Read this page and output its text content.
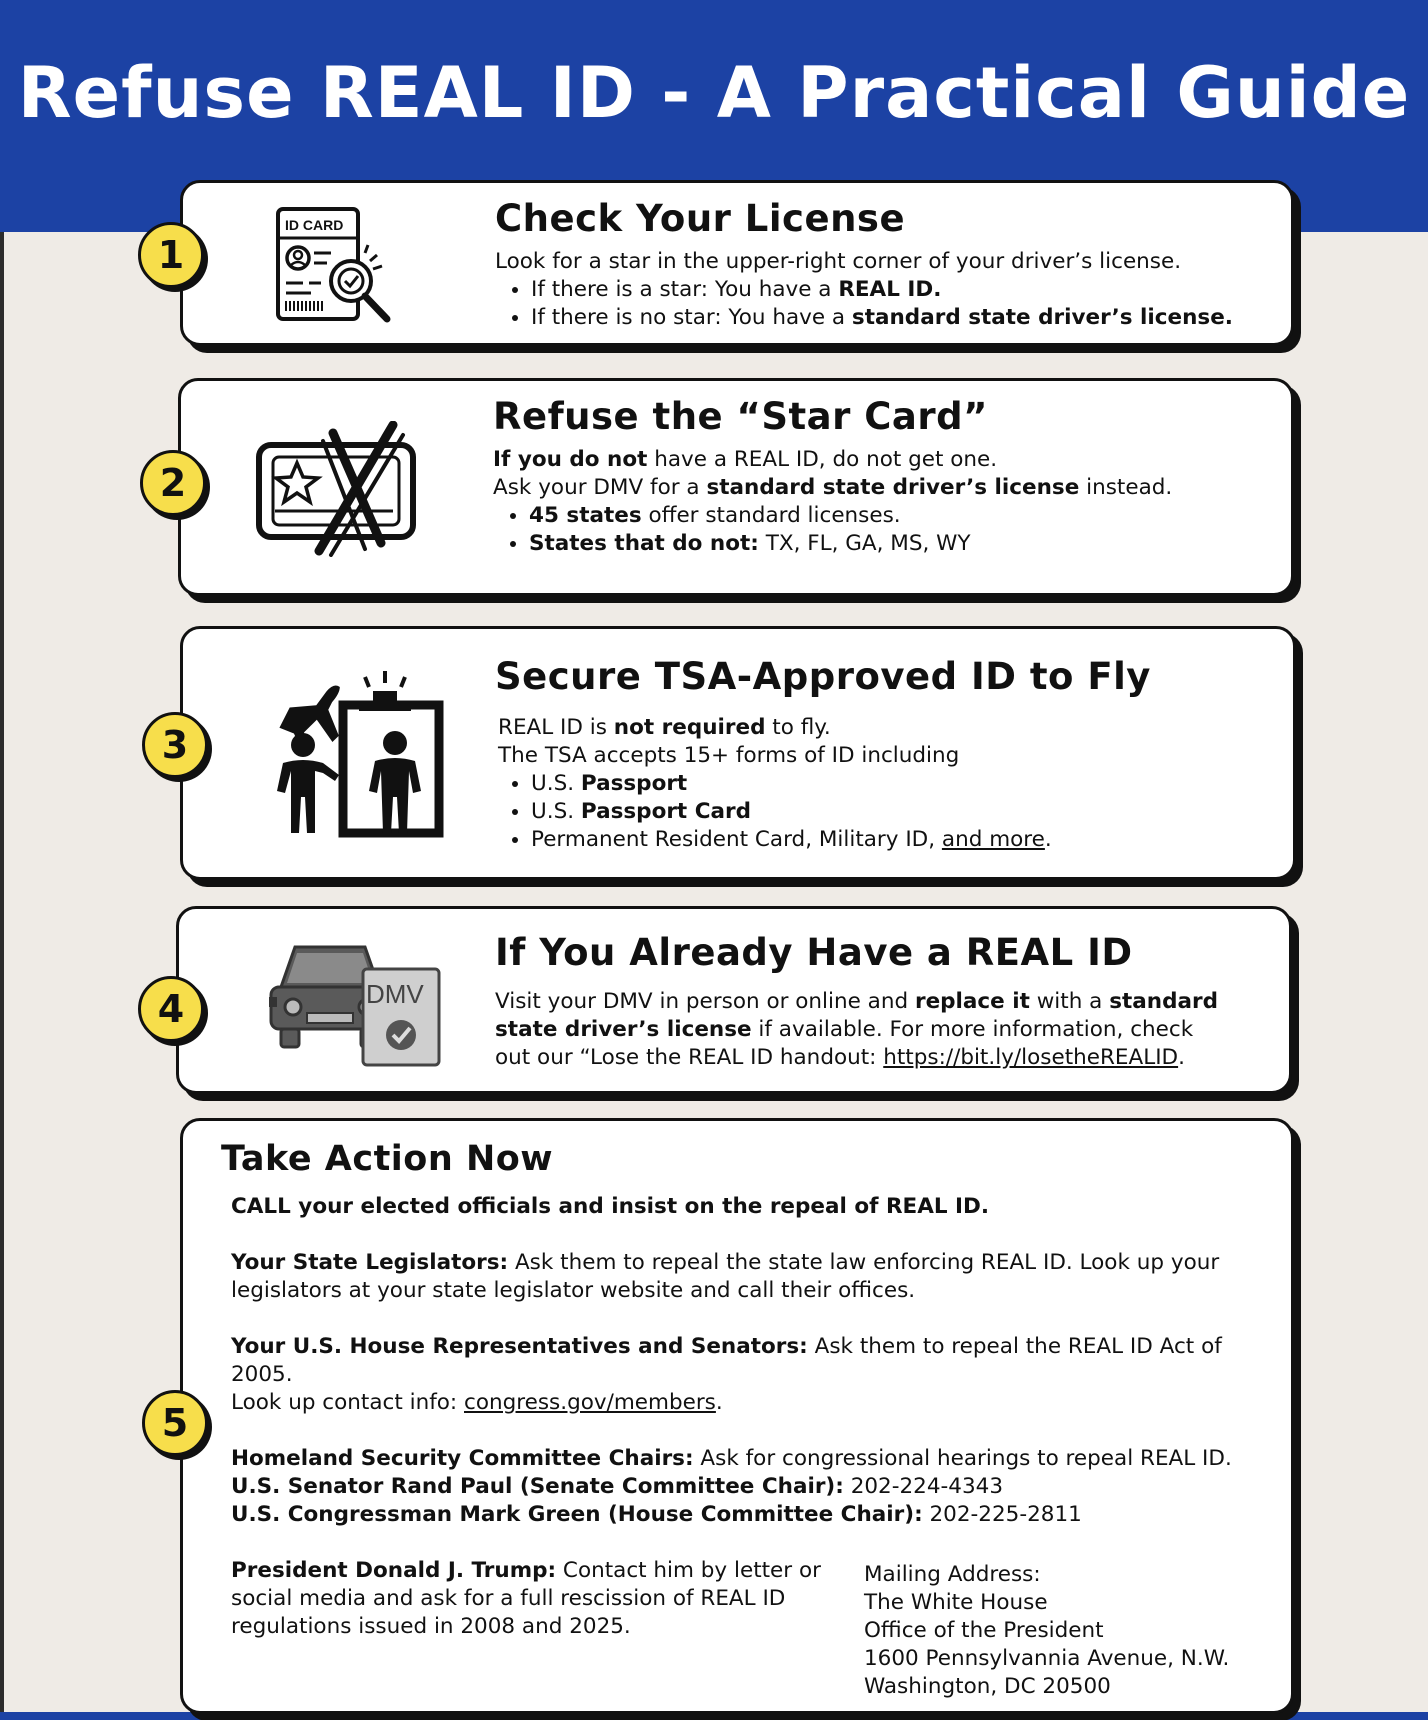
Refuse REAL ID - A Practical Guide
ID CARD	Check Your License
Look for a star in the upper-right corner of your driver’s license.
• If there is a star: You have a REAL ID.
• If there is no star: You have a standard state driver’s license.
1
Refuse the “Star Card”
If you do not have a REAL ID, do not get one.
Ask your DMV for a standard state driver’s license instead.
• 45 states offer standard licenses.
• States that do not: TX, FL, GA, MS, WY
2
Secure TSA-Approved ID to Fly
REAL ID is not required to fly.
The TSA accepts 15+ forms of ID including
• U.S. Passport
• U.S. Passport Card
• Permanent Resident Card, Military ID, and more.
3
DMV
If You Already Have a REAL ID
Visit your DMV in person or online and replace it with a standard
state driver’s license if available. For more information, check
out our “Lose the REAL ID handout: https://bit.ly/losetheREALID.
4
Take Action Now

CALL your elected officials and insist on the repeal of REAL ID.

Your State Legislators: Ask them to repeal the state law enforcing REAL ID. Look up your

legislators at your state legislator website and call their offices.

Your U.S. House Representatives and Senators: Ask them to repeal the REAL ID Act of 2005.

Look up contact info: congress.gov/members.

Homeland Security Committee Chairs: Ask for congressional hearings to repeal REAL ID.

U.S. Senator Rand Paul (Senate Committee Chair): 202-224-4343

U.S. Congressman Mark Green (House Committee Chair): 202-225-2811

President Donald J. Trump: Contact him by letter or

social media and ask for a full rescission of REAL ID

regulations issued in 2008 and 2025.

Mailing Address:

The White House

Office of the President

1600 Pennsylvannia Avenue, N.W.

Washington, DC 20500

5
